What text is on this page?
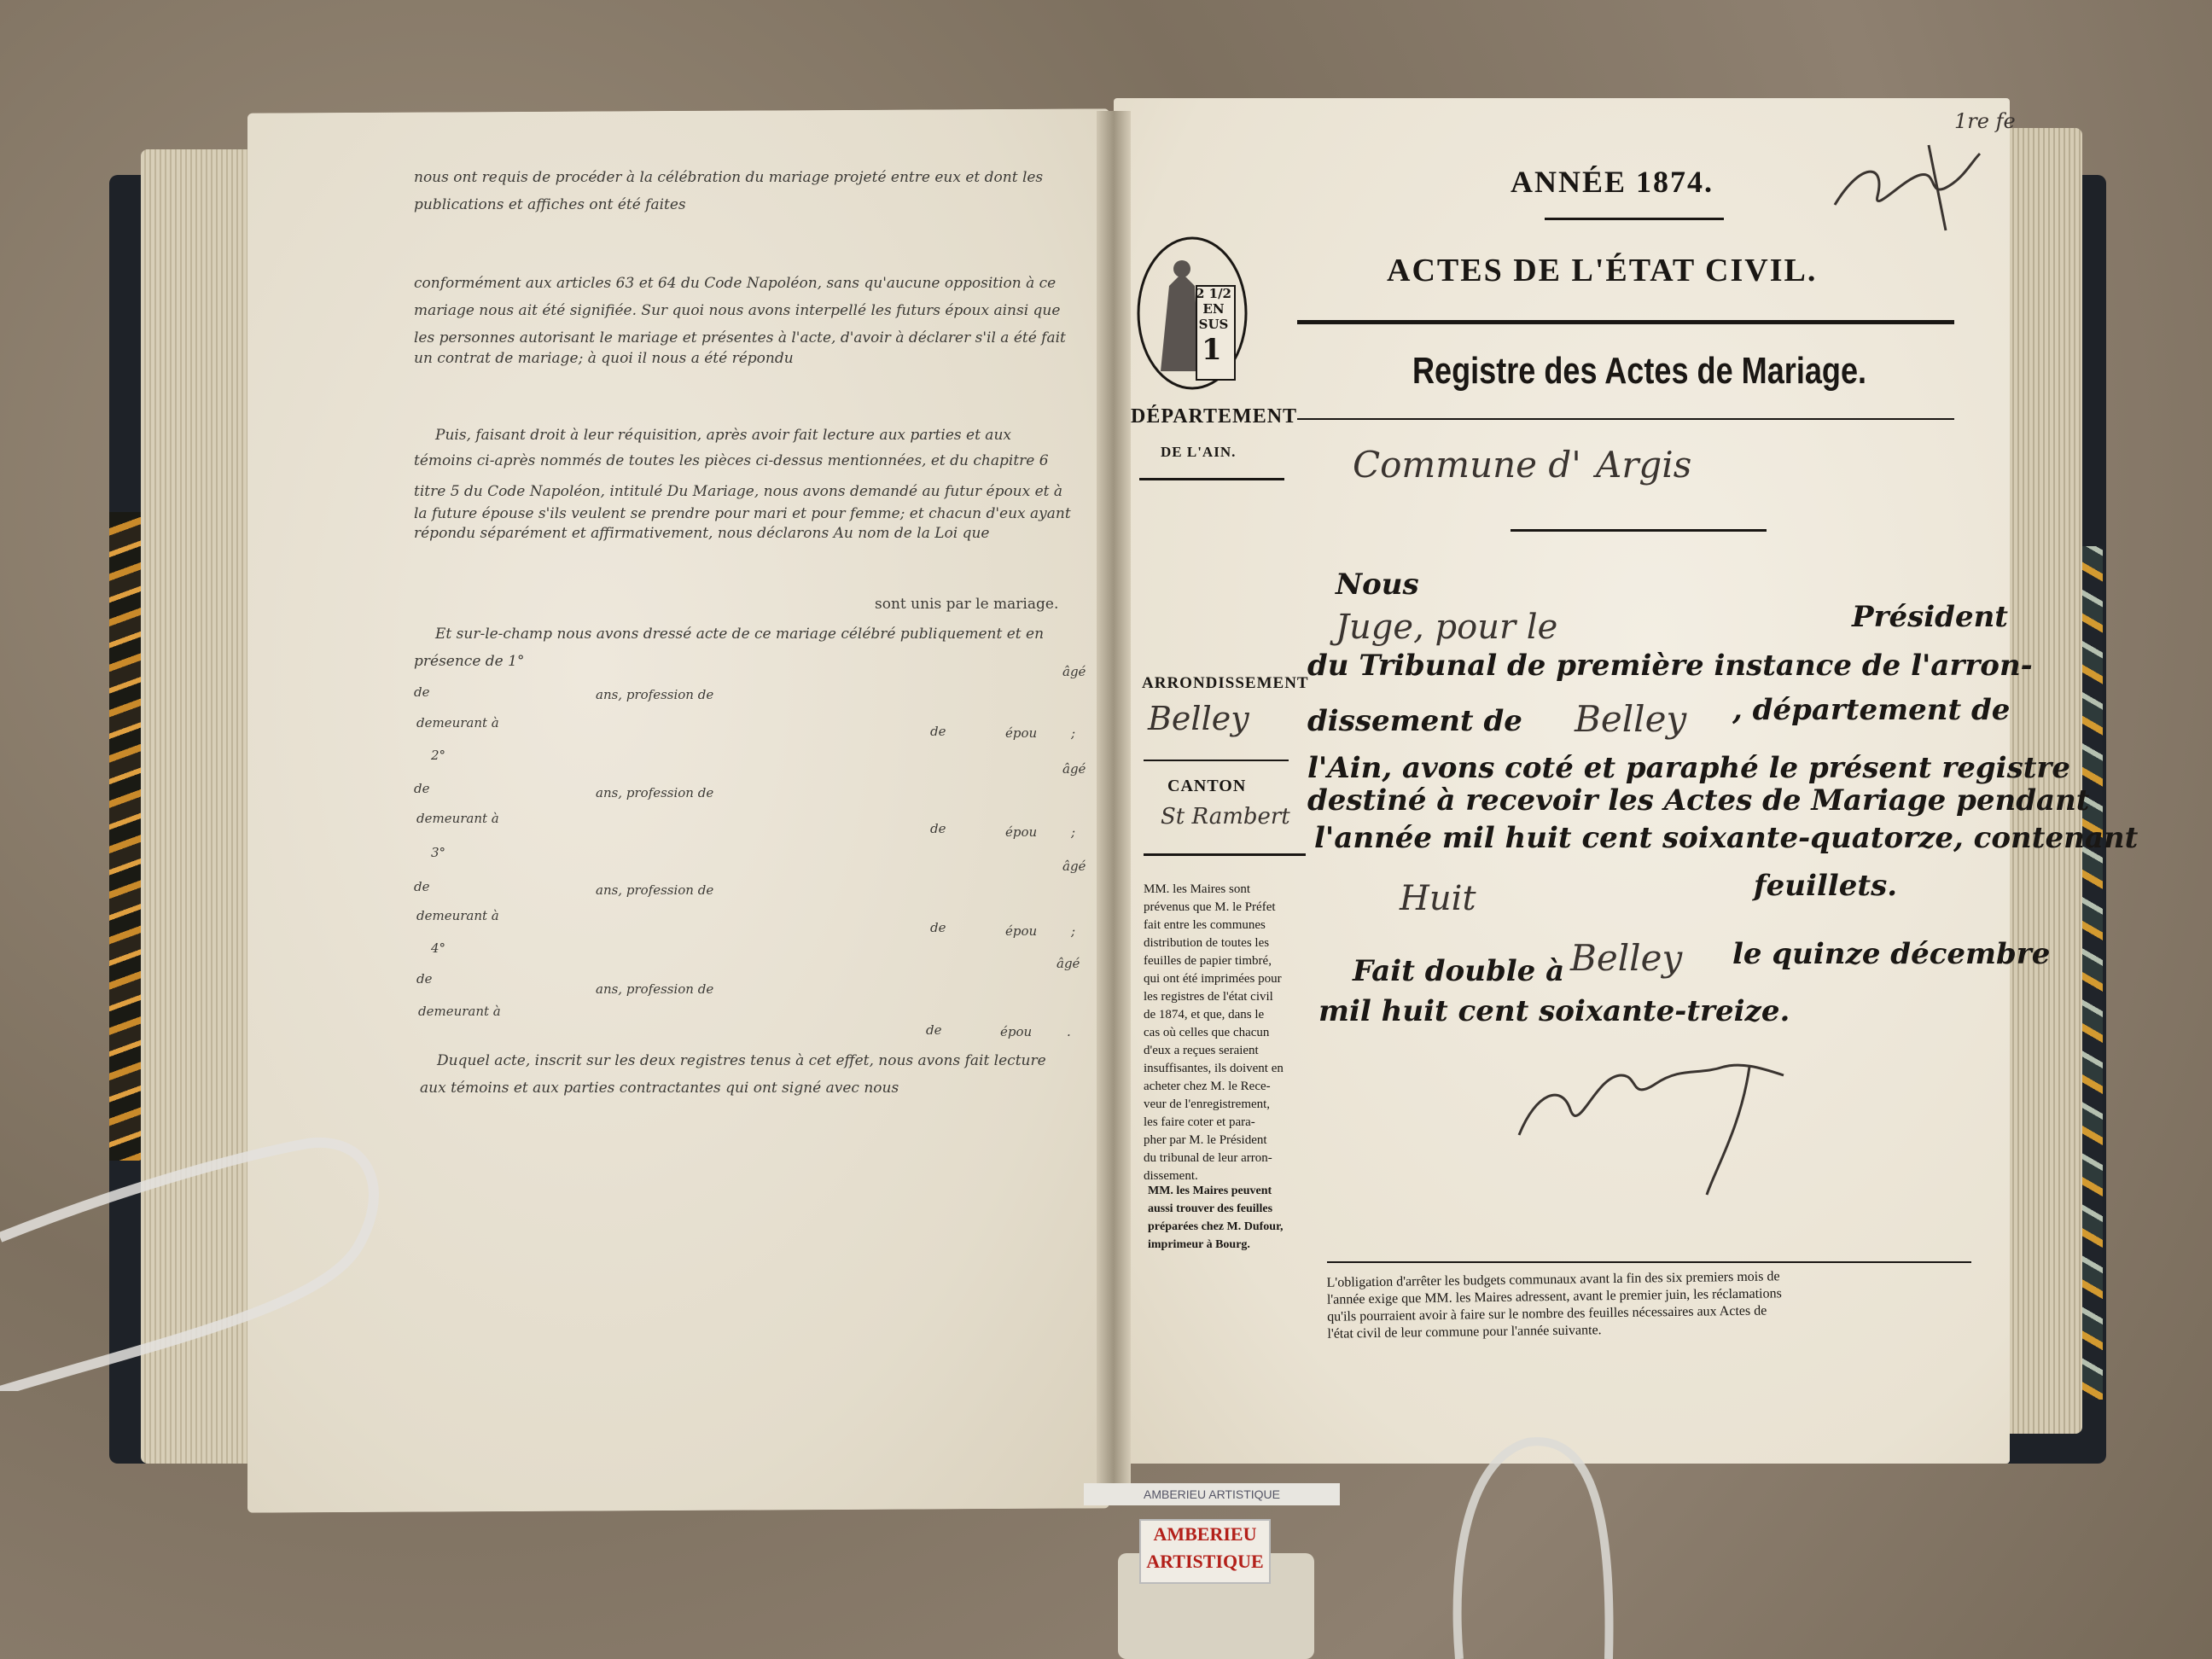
nous ont requis de procéder à la célébration du mariage projeté entre eux et dont les
publications et affiches ont été faites
conformément aux articles 63 et 64 du Code Napoléon, sans qu'aucune opposition à ce
mariage nous ait été signifiée. Sur quoi nous avons interpellé les futurs époux ainsi que
les personnes autorisant le mariage et présentes à l'acte, d'avoir à déclarer s'il a été fait
un contrat de mariage; à quoi il nous a été répondu
Puis, faisant droit à leur réquisition, après avoir fait lecture aux parties et aux
témoins ci-après nommés de toutes les pièces ci-dessus mentionnées, et du chapitre 6
titre 5 du Code Napoléon, intitulé Du Mariage, nous avons demandé au futur époux et à
la future épouse s'ils veulent se prendre pour mari et pour femme; et chacun d'eux ayant
répondu séparément et affirmativement, nous déclarons Au nom de la Loi que
sont unis par le mariage.
Et sur-le-champ nous avons dressé acte de ce mariage célébré publiquement et en
présence de 1°
âgé
de	ans, profession de
demeurant à
de	épou	;
2°
âgé
de	ans, profession de
demeurant à
de	épou	;
3°
âgé
de	ans, profession de
demeurant à
de	épou	;
4°
âgé
de
ans, profession de
demeurant à
de	épou	.
Duquel acte, inscrit sur les deux registres tenus à cet effet, nous avons fait lecture
aux témoins et aux parties contractantes qui ont signé avec nous
1re fe
ANNÉE 1874.
ACTES DE L'ÉTAT CIVIL.
Registre des Actes de Mariage.
2 1/2 EN SUS
1
DÉPARTEMENT
DE L'AIN.	Commune d' Argis
Nous
Juge, pour le	Président
du Tribunal de première instance de l'arron-
dissement de Belley , département de
l'Ain, avons coté et paraphé le présent registre
destiné à recevoir les Actes de Mariage pendant
l'année mil huit cent soixante-quatorze, contenant
Huit	feuillets.
Fait double à Belley le quinze décembre
mil huit cent soixante-treize.
ARRONDISSEMENT
Belley
CANTON
St Rambert
MM. les Maires sont
prévenus que M. le Préfet
fait entre les communes
distribution de toutes les
feuilles de papier timbré,
qui ont été imprimées pour
les registres de l'état civil
de 1874, et que, dans le
cas où celles que chacun
d'eux a reçues seraient
insuffisantes, ils doivent en
acheter chez M. le Rece-
veur de l'enregistrement,
les faire coter et para-
pher par M. le Président
du tribunal de leur arron-
dissement.
MM. les Maires peuvent
aussi trouver des feuilles
préparées chez M. Dufour,
imprimeur à Bourg.
L'obligation d'arrêter les budgets communaux avant la fin des six premiers mois de
l'année exige que MM. les Maires adressent, avant le premier juin, les réclamations
qu'ils pourraient avoir à faire sur le nombre des feuilles nécessaires aux Actes de
l'état civil de leur commune pour l'année suivante.
AMBERIEU ARTISTIQUE
AMBERIEU
ARTISTIQUE
